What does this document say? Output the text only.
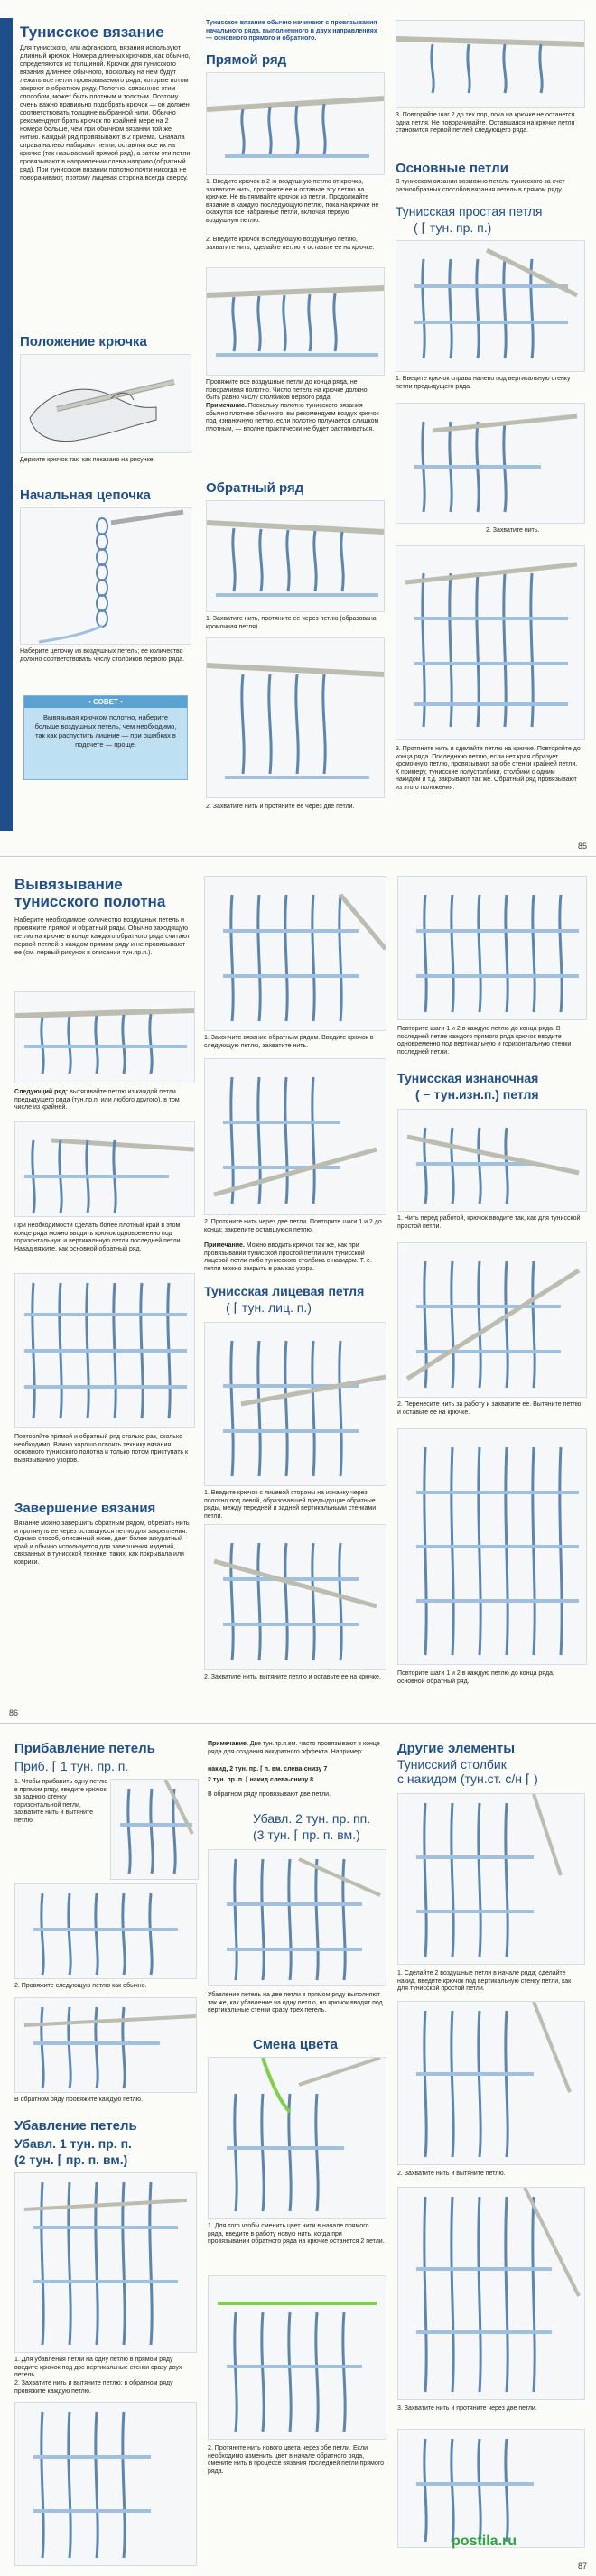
Тунисское вязание
Для тунисского, или афганского, вязания используют длинный крючок. Номера длинных крючков, как обычно, определяются их толщиной. Крючок для тунисского вязания длиннее обычного, поскольку на нем будут лежать все петли провязываемого ряда, которые потом закроют в обратном ряду. Полотно, связанное этим способом, может быть плотным и толстым. Поэтому очень важно правильно подобрать крючок — он должен соответствовать толщине выбранной нити. Обычно рекомендуют брать крючок по крайней мере на 2 номера больше, чем при обычном вязании той же нитью. Каждый ряд провязывают в 2 приема. Сначала справа налево набирают петли, оставляя все их на крючке (так называемый прямой ряд), а затем эти петли провязывают в направлении слева направо (обратный ряд). При тунисском вязании полотно почти никогда не поворачивают, поэтому лицевая сторона всегда сверху.
Положение крючка
Держите крючок так, как показано на рисунке.
Начальная цепочка
Наберите цепочку из воздушных петель; ее количество должно соответствовать числу столбиков первого ряда.
• СОВЕТ •
Вывязывая крючком полотно, наберите больше воздушных петель, чем необходимо, так как распустить лишние — при ошибках в подсчете — проще.
Тунисское вязание обычно начинают с провязывания начального ряда, выполненного в двух направлениях — основного прямого и обратного.
Прямой ряд
1. Введите крючок в 2-ю воздушную петлю от крючка, захватите нить, протяните ее и оставьте эту петлю на крючке. Не вытягивайте крючок из петли. Продолжайте вязание в каждую последующую петлю, пока на крючке не окажутся все набранные петли, включая первую воздушную петлю.
2. Введите крючок в следующую воздушную петлю, захватите нить, сделайте петлю и оставьте ее на крючке.
Провяжите все воздушные петли до конца ряда, не поворачивая полотно. Число петель на крючке должно быть равно числу столбиков первого ряда.
Примечание. Поскольку полотно тунисского вязания обычно плотнее обычного, вы рекомендуем воздух крючок под изнаночную петлю, если полотно получается слишком плотным, — вполне практически не будет растягиваться.
Обратный ряд
1. Захватите нить, протяните ее через петлю (образована кромочная петля).
2. Захватите нить и протяните ее через две петли.
3. Повторяйте шаг 2 до тех пор, пока на крючке не останется одна петля. Не поворачивайте. Оставшаяся на крючке петля становится первой петлей следующего ряда.
Основные петли
В тунисском вязании возможно петель тунисского за счет разнообразных способов вязания петель в прямом ряду.
Тунисская простая петля
( ⌈ тун. пр. п.)
1. Введите крючок справа налево под вертикальную стенку петли предыдущего ряда.
2. Захватите нить.
3. Протяните нить и сделайте петлю на крючке. Повторяйте до конца ряда. Последнюю петлю, если нет края образует кромочную петлю, провязывают за обе стенки крайней петли. К примеру, тунисские полустолбики, столбики с одним накидом и т.д. закрывают так же. Обратный ряд провязывают из этого положения.
85
Вывязывание тунисского полотна
Наберите необходимое количество воздушных петель и провяжите прямой и обратный ряды. Обычно заходящую петлю на крючке в конце каждого обратного ряда считают первой петлей в каждом прямом ряду и не провязывают ее (см. первый рисунок в описании тун.пр.п.).
Следующий ряд: вытягивайте петлю из каждой петли предыдущего ряда (тун.пр.п. или любого другого), в том числе из крайней.
При необходимости сделать более плотный край в этом конце ряда можно вводить крючок одновременно под горизонтальную и вертикальную петли последней петли. Назад вяжите, как основной обратный ряд.
Повторяйте прямой и обратный ряд столько раз, сколько необходимо. Важно хорошо освоить технику вязания основного тунисского полотна и только потом приступать к вывязыванию узоров.
Завершение вязания
Вязание можно завершить обратным рядом, обрезать нить и протянуть ее через оставшуюся петлю для закрепления. Однако способ, описанный ниже, дает более аккуратный край и обычно используется для завершения изделий, связанных в тунисской технике, таких, как покрывала или коврики.
1. Закончите вязание обратным рядом. Введите крючок в следующую петлю, захватите нить.
2. Протяните нить через две петли. Повторите шаги 1 и 2 до конца; закрепите оставшуюся петлю.
Примечание. Можно вводить крючок так же, как при провязывании тунисской простой петли или тунисской лицевой петли либо тунисского столбика с накидом. Т. е. петли можно закрыть в рамках узора.
Тунисская лицевая петля
( ⌈ тун. лиц. п.)
1. Введите крючок с лицевой стороны на изнанку через полотно под левой, образовавшей предыдущие обратные ряды, между передней и задней вертикальными стенками петли.
2. Захватите нить, вытяните петлю и оставьте ее на крючке.
Повторите шаги 1 и 2 в каждую петлю до конца ряда. В последней петле каждого прямого ряда крючок вводите одновременно под вертикальную и горизонтальную стенки последней петли.
Тунисская изнаночная
( ⌐ тун.изн.п.) петля
1. Нить перед работой, крючок вводите так, как для тунисской простой петли.
2. Перенесите нить за работу и захватите ее. Вытяните петлю и оставьте ее на крючке.
Повторите шаги 1 и 2 в каждую петлю до конца ряда, основной обратный ряд.
86
Прибавление петель
Приб. ⌈ 1 тун. пр. п.
1. Чтобы прибавить одну петлю в прямом ряду, введите крючок за заднюю стенку горизонтальной петли, захватите нить и вытяните петлю.
2. Провяжите следующую петлю как обычно.
В обратном ряду провяжите каждую петлю.
Убавление петель
Убавл. 1 тун. пр. п.
(2 тун. ⌈ пр. п. вм.)
1. Для убавления петли на одну петлю в прямом ряду введите крючок под две вертикальные стенки сразу двух петель.
2. Захватите нить и вытяните петлю; в обратном ряду провяжите каждую петлю.
Примечание. Две тун.пр.п.вм. часто провязывают в конце ряда для создания аккуратного эффекта. Например:
накид, 2 тун. пр. ⌈ п. вм. слева-снизу 7
2 тун. пр. п. ⌈ накид слева-снизу 8
В обратном ряду провязывают две петли.
Убавл. 2 тун. пр. пп.
(3 тун. ⌈ пр. п. вм.)
Убавление петель на две петли в прямом ряду выполняют так же, как убавление на одну петлю, но крючок вводят под вертикальные стенки сразу трех петель.
Смена цвета
1. Для того чтобы сменить цвет нити в начале прямого ряда, введите в работу новую нить, когда при провязывании обратного ряда на крючке останется 2 петли.
2. Протяните нить нового цвета через обе петли. Если необходимо изменить цвет в начале обратного ряда, смените нить в процессе вязания последней петли прямого ряда.
Другие элементы
Тунисский столбик
с накидом (тун.ст. с/н ⌈ )
1. Сделайте 2 воздушные петли в начале ряда; сделайте накид, введите крючок под вертикальную стенку петли, как для тунисской простой петли.
2. Захватите нить и вытяните петлю.
3. Захватите нить и протяните через две петли.
postila.ru
87
